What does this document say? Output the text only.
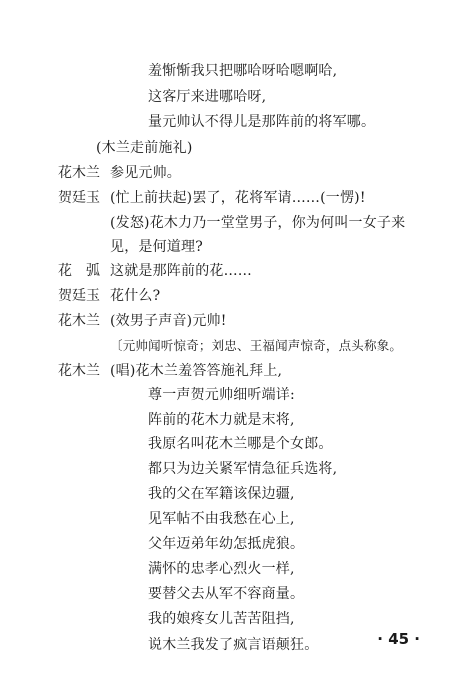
羞惭惭我只把哪哈呀哈嗯啊哈,
这客厅来进哪哈呀,
量元帅认不得儿是那阵前的将军哪。
(木兰走前施礼)
花木兰 参见元帅。
贺廷玉 (忙上前扶起)罢了，花将军请……(一愣)!
(发怒)花木力乃一堂堂男子，你为何叫一女子来
见，是何道理?
花　弧 这就是那阵前的花……
贺廷玉 花什么?
花木兰 (效男子声音)元帅!
〔元帅闻听惊奇；刘忠、王福闻声惊奇，点头称象。
花木兰 (唱)花木兰羞答答施礼拜上,
尊一声贺元帅细听端详:
阵前的花木力就是末将,
我原名叫花木兰哪是个女郎。
都只为边关紧军情急征兵选将,
我的父在军籍该保边疆,
见军帖不由我愁在心上,
父年迈弟年幼怎抵虎狼。
满怀的忠孝心烈火一样,
要替父去从军不容商量。
我的娘疼女儿苦苦阻挡,
说木兰我发了疯言语颠狂。	· 45 ·
